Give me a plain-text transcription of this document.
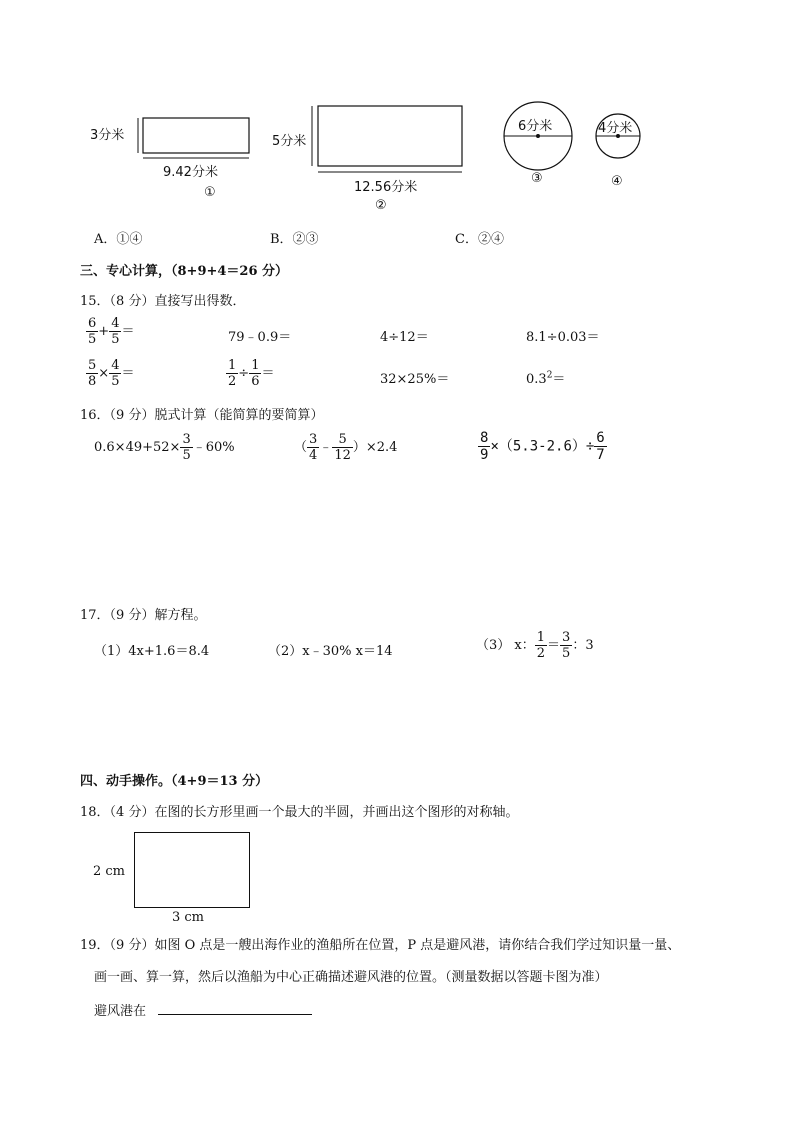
3分米
9.42分米
①
5分米
12.56分米
②
6分米
③
4分米
④
A．①④	B．②③	C．②④
三、专心计算，（8+9+4＝26 分）
15．（8 分）直接写出得数．
$\frac{6}{5} + \frac{4}{5}$ ＝	79﹣0.9＝	4÷12＝	8.1÷0.03＝
$\frac{5}{8} \times \frac{4}{5}$ ＝	$\frac{1}{2} \div \frac{1}{6}$ ＝	32×25%＝	$0.3^2=$
16．（9 分）脱式计算（能简算的要简算）
$0.6\times 49+52\times \frac{3}{5}$ ﹣60%	（ $\frac{3}{4}$ ﹣ $\frac{5}{12} )\times 2.4$	$\frac{8}{9} \times(5.3-2.6)\div \frac{6}{7}$
17．（9 分）解方程。
（1）4x+1.6＝8.4	（2）x﹣30% x＝14	（3） x： $\frac{1}{2} = \frac{3}{5}$ ：3
四、动手操作。（4+9＝13 分）
18．（4 分）在图的长方形里画一个最大的半圆，并画出这个图形的对称轴。
2 cm
3 cm
19．（9 分）如图 O 点是一艘出海作业的渔船所在位置，P 点是避风港，请你结合我们学过知识量一量、
画一画、算一算，然后以渔船为中心正确描述避风港的位置。（测量数据以答题卡图为准）
避风港在
